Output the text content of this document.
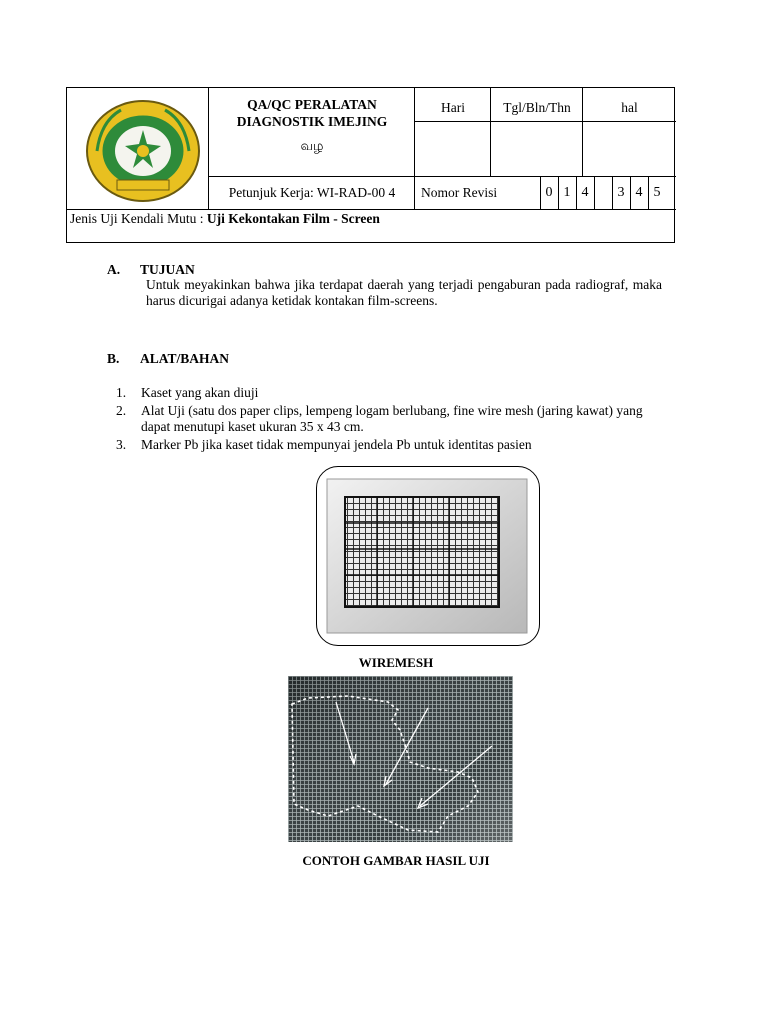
QA/QC PERALATAN
DIAGNOSTIK IMEJING
வழ
Hari	Tgl/Bln/Thn	hal
Petunjuk Kerja: WI-RAD-00 4	Nomor Revisi	0 1 4	3 4 5
Jenis Uji Kendali Mutu : Uji Kekontakan Film - Screen
A. TUJUAN
Untuk meyakinkan bahwa jika terdapat daerah yang terjadi pengaburan pada radiograf, maka harus dicurigai adanya ketidak kontakan film-screens.
B. ALAT/BAHAN
1. Kaset yang akan diuji
2. Alat Uji (satu dos paper clips, lempeng logam berlubang, fine wire mesh (jaring kawat) yang dapat menutupi kaset ukuran 35 x 43 cm.
3. Marker Pb jika kaset tidak mempunyai jendela Pb untuk identitas pasien
WIREMESH
CONTOH GAMBAR HASIL UJI
